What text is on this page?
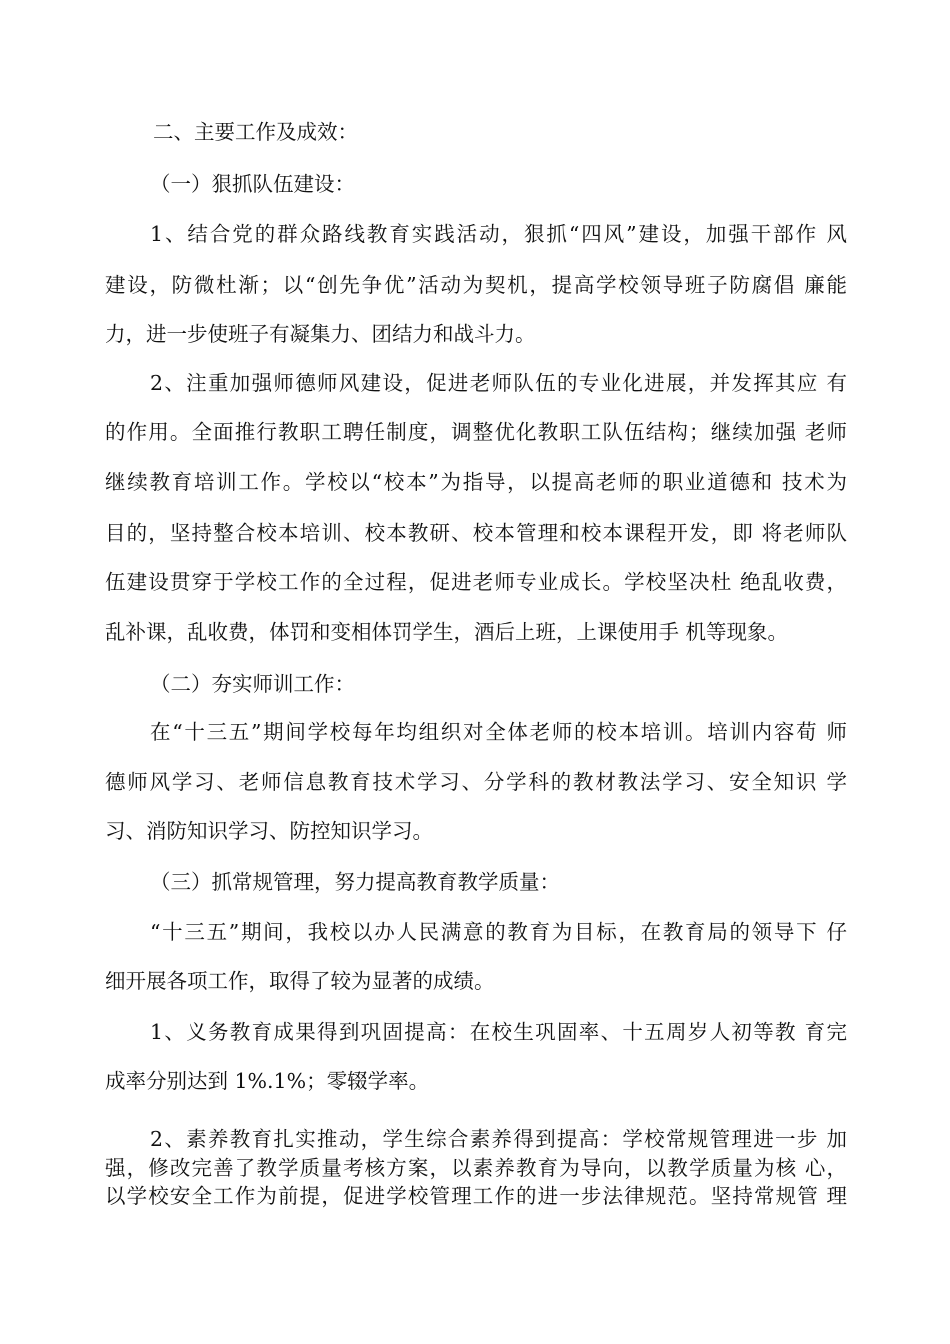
二、主要工作及成效：
（一）狠抓队伍建设：
1、结合党的群众路线教育实践活动，狠抓“四风”建设，加强干部作 风
建设，防微杜渐；以“创先争优”活动为契机，提高学校领导班子防腐倡 廉能
力，进一步使班子有凝集力、团结力和战斗力。
2、注重加强师德师风建设，促进老师队伍的专业化进展，并发挥其应 有
的作用。全面推行教职工聘任制度，调整优化教职工队伍结构；继续加强 老师
继续教育培训工作。学校以“校本”为指导，以提高老师的职业道德和 技术为
目的，坚持整合校本培训、校本教研、校本管理和校本课程开发，即 将老师队
伍建设贯穿于学校工作的全过程，促进老师专业成长。学校坚决杜 绝乱收费，
乱补课，乱收费，体罚和变相体罚学生，酒后上班，上课使用手 机等现象。
（二）夯实师训工作：
在“十三五”期间学校每年均组织对全体老师的校本培训。培训内容荀 师
德师风学习、老师信息教育技术学习、分学科的教材教法学习、安全知识 学
习、消防知识学习、防控知识学习。
（三）抓常规管理，努力提高教育教学质量：
“十三五”期间，我校以办人民满意的教育为目标，在教育局的领导下 仔
细开展各项工作，取得了较为显著的成绩。
1、义务教育成果得到巩固提高：在校生巩固率、十五周岁人初等教 育完
成率分别达到 1%.1%；零辍学率。
2、素养教育扎实推动，学生综合素养得到提高：学校常规管理进一步 加
强，修改完善了教学质量考核方案，以素养教育为导向，以教学质量为核 心，
以学校安全工作为前提，促进学校管理工作的进一步法律规范。坚持常规管 理
